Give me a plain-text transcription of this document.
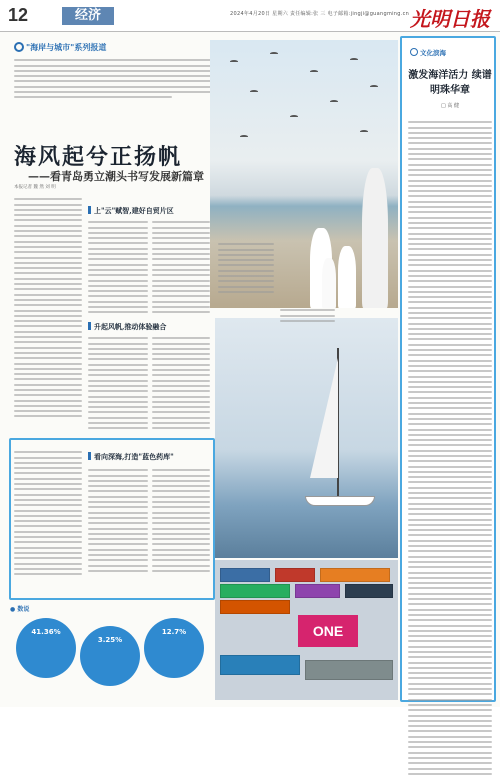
12	经济	2024年4月20日 星期六 责任编辑:张 三 电子邮箱:jingji@guangming.cn 光明日报
"海岸与城市"系列报道
海风起兮正扬帆
——看青岛勇立潮头书写发展新篇章
本报记者 魏 然 刘 明
上"云"赋智,建好自贸片区
升起风帆,推动体验融合
看向深海,打造"蓝色药库"
ONE
● 数说
41.36%
3.25%
12.7%
文化滨海
激发海洋活力 续谱明珠华章
□ 高 健
